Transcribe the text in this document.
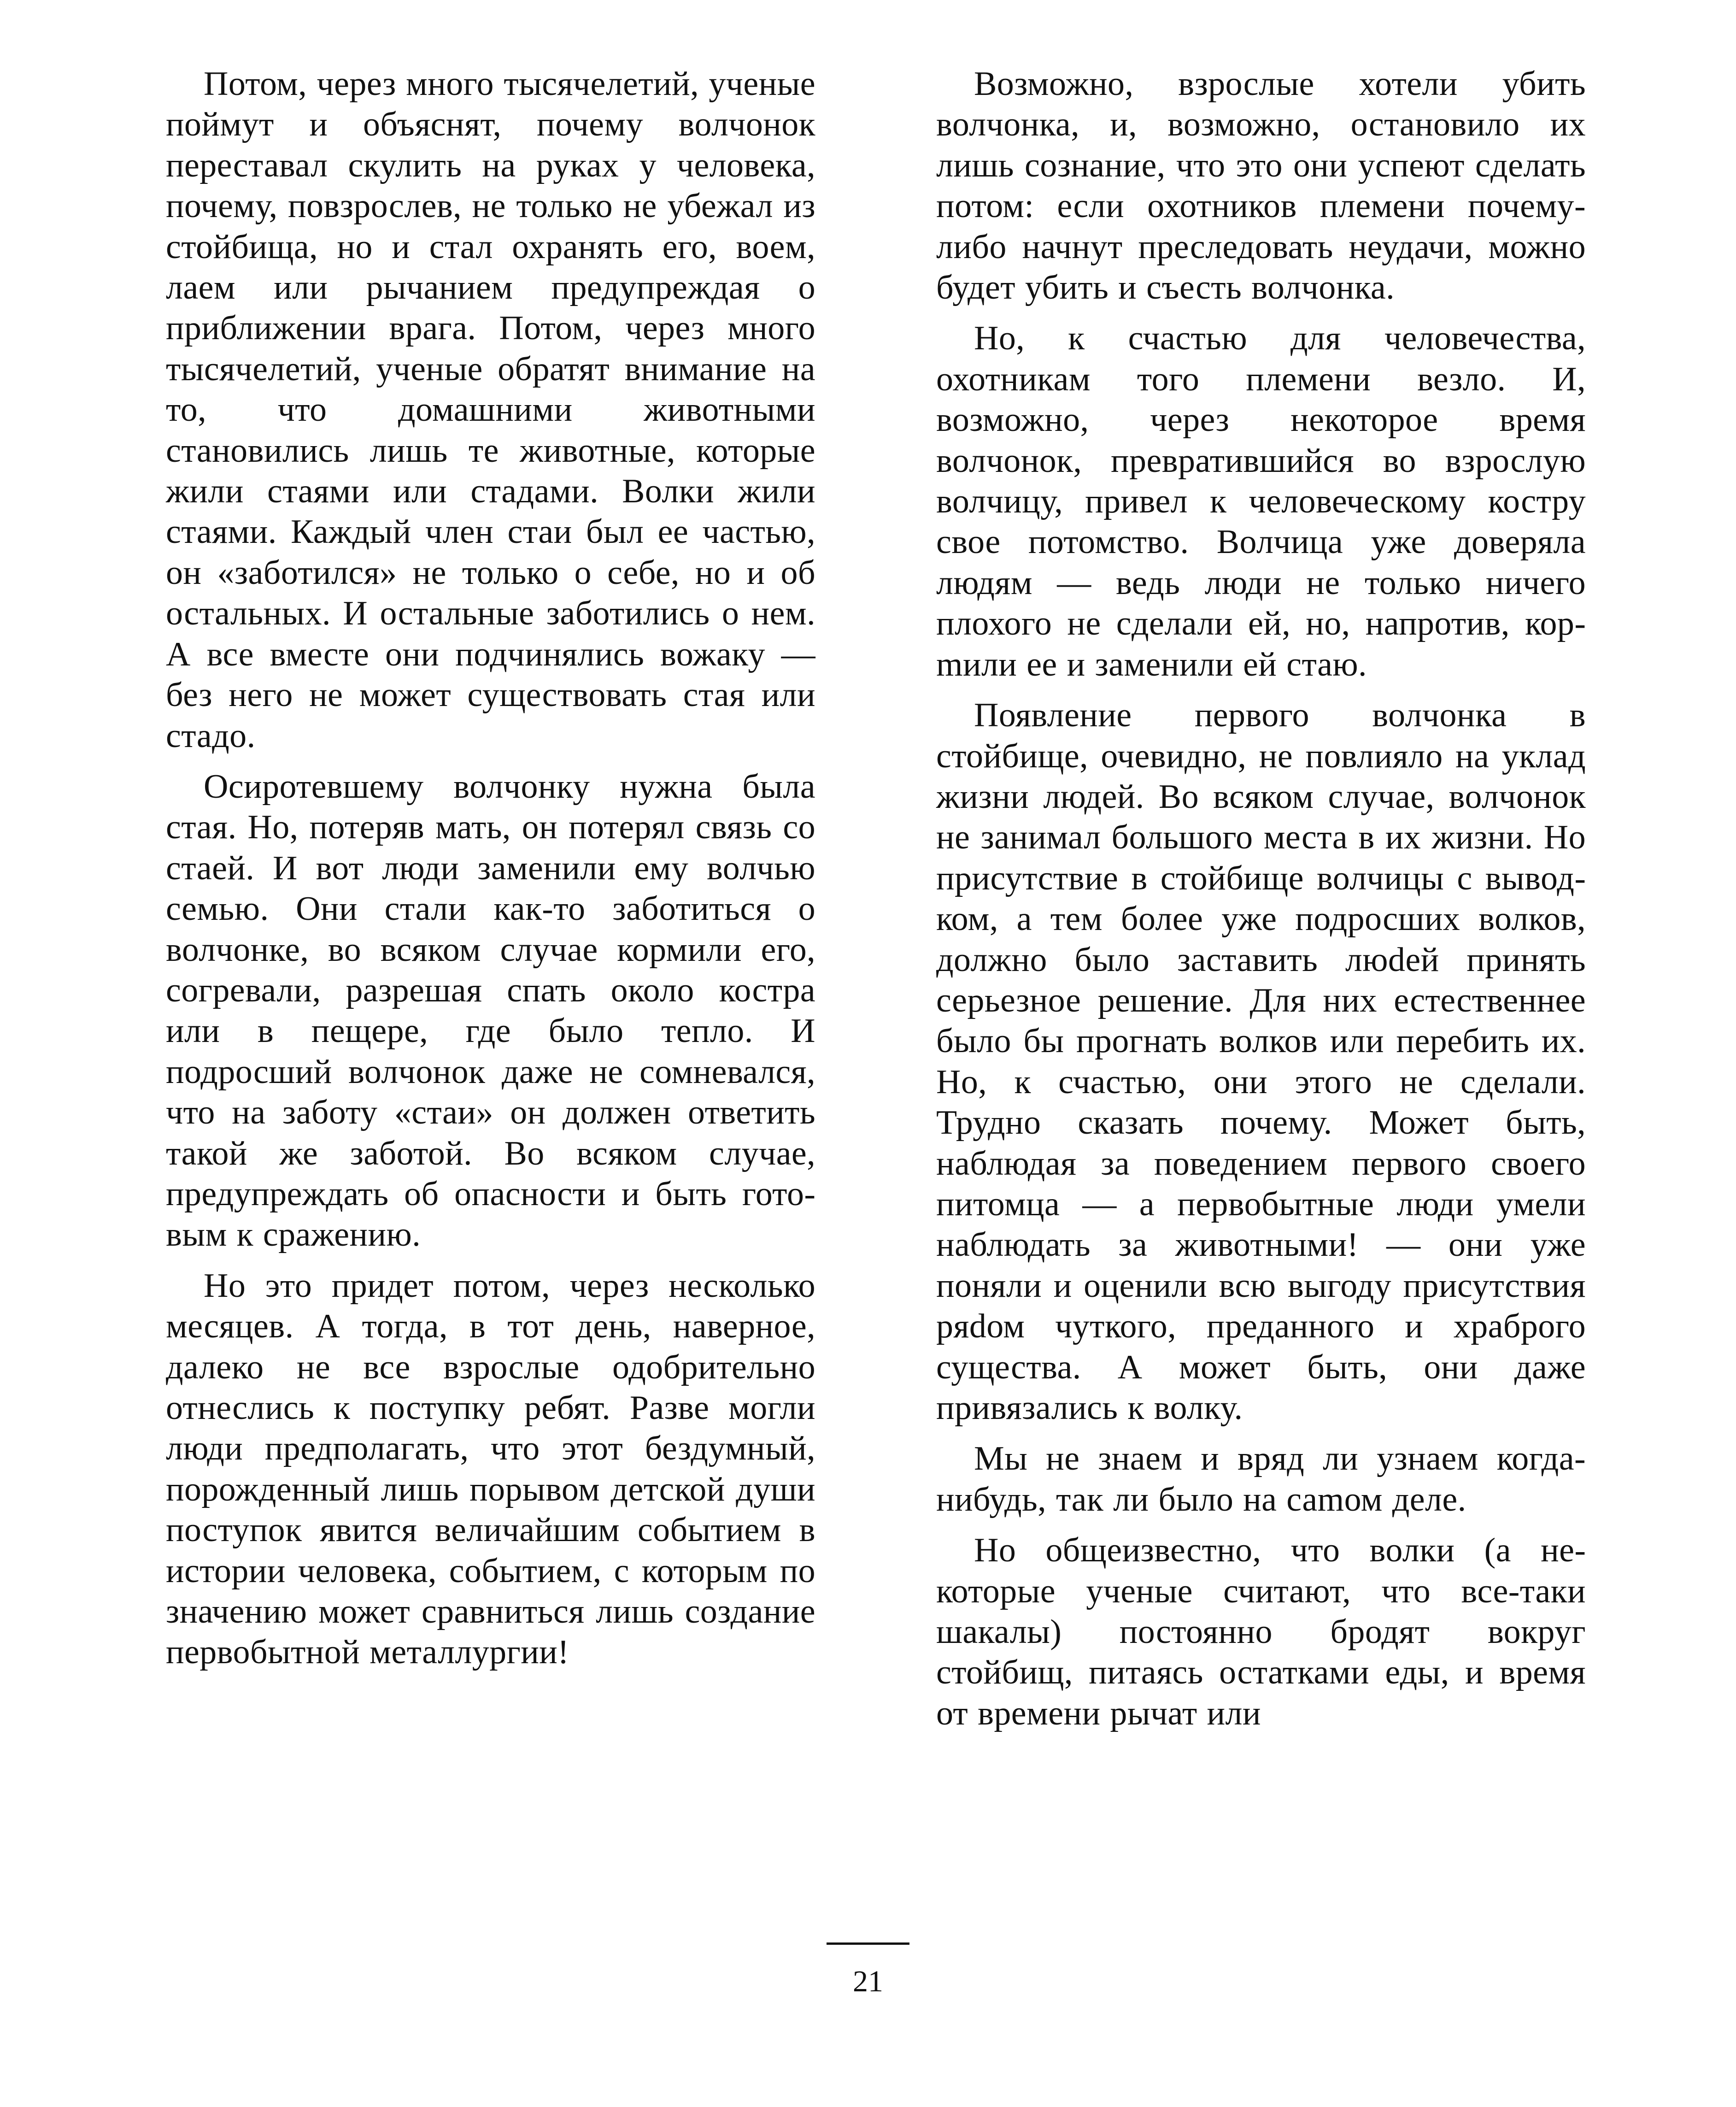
Потом, через много тысячелетий, ученые поймут и объяснят, почему волчонок переставал скулить на руках у человека, почему, повзрослев, не только не убежал из стойбища, но и стал охранять его, воем, лаем или рычанием предупреждая о приближении врага. Потом, через много тысячелетий, ученые обратят внимание на то, что домашними животными становились лишь те животные, которые жили стаями или стадами. Волки жили стаями. Каждый член стаи был ее частью, он «заботился» не только о себе, но и об остальных. И остальные заботились о нем. А все вместе они подчинялись вожаку — без него не может существовать стая или стадо.

Осиротевшему волчонку нужна была стая. Но, потеряв мать, он потерял связь со стаей. И вот люди заменили ему волчью семью. Они стали как-то заботиться о волчонке, во всяком случае кормили его, согревали, разрешая спать около костра или в пещере, где было тепло. И подросший волчонок даже не сомневался, что на заботу «стаи» он должен ответить такой же заботой. Во всяком случае, предупреждать об опасности и быть готовым к сражению.

Но это придет потом, через несколько месяцев. А тогда, в тот день, наверное, далеко не все взрослые одобрительно отнеслись к поступку ребят. Разве могли люди предполагать, что этот бездумный, порожденный лишь порывом детской души поступок явится величайшим событием в истории человека, событием, с которым по значению может сравниться лишь создание первобытной металлургии!

Возможно, взрослые хотели убить волчонка, и, возможно, остановило их лишь сознание, что это они успеют сделать потом: если охотников племени почему-либо начнут преследовать неудачи, можно будет убить и съесть волчонка.

Но, к счастью для человечества, охотникам того племени везло. И, возможно, через некоторое время волчонок, превратившийся во взрослую волчицу, привел к человеческому костру свое потомство. Волчица уже доверяла людям — ведь люди не только ничего плохого не сделали ей, но, напротив, корmили ее и заменили ей стаю.

Появление первого волчонка в стойбище, очевидно, не повлияло на уклад жизни людей. Во всяком случае, волчонок не занимал большого места в их жизни. Но присутствие в стойбище волчицы с выводком, а тем более уже подросших волков, должно было заставить люdей принять серьезное решение. Для них естественнее было бы прогнать волков или перебить их. Но, к счастью, они этого не сделали. Трудно сказать почему. Может быть, наблюдая за поведением первого своего питомца — а первобытные люди умели наблюдать за животными! — они уже поняли и оценили всю выгоду присутствия ряdом чуткого, преданного и храброго существа. А может быть, они даже привязались к волку.

Мы не знаем и вряд ли узнаем когда-нибудь, так ли было на саmом деле.

Но общеизвестно, что волки (а некоторые ученые считают, что все-таки шакалы) постоянно бродят вокруг стойбищ, питаясь остатками еды, и время от времени рычат или

21
